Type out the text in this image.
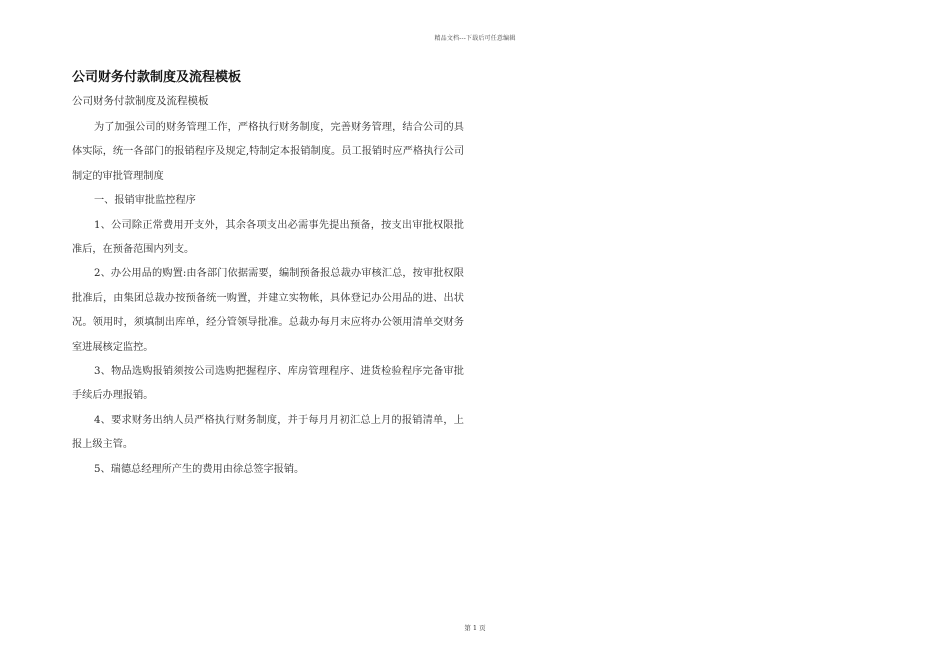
精品文档---下载后可任意编辑
公司财务付款制度及流程模板

公司财务付款制度及流程模板

为了加强公司的财务管理工作，严格执行财务制度，完善财务管理，结合公司的具体实际，统一各部门的报销程序及规定,特制定本报销制度。员工报销时应严格执行公司制定的审批管理制度

一、报销审批监控程序

1、公司除正常费用开支外，其余各项支出必需事先提出预备，按支出审批权限批准后，在预备范围内列支。

2、办公用品的购置:由各部门依据需要，编制预备报总裁办审核汇总，按审批权限批准后，由集团总裁办按预备统一购置，并建立实物帐，具体登记办公用品的进、出状况。领用时，须填制出库单，经分管领导批准。总裁办每月末应将办公领用清单交财务室进展核定监控。

3、物品选购报销须按公司选购把握程序、库房管理程序、进货检验程序完备审批手续后办理报销。

4、要求财务出纳人员严格执行财务制度，并于每月月初汇总上月的报销清单，上报上级主管。

5、瑞德总经理所产生的费用由徐总签字报销。

第 1 页
